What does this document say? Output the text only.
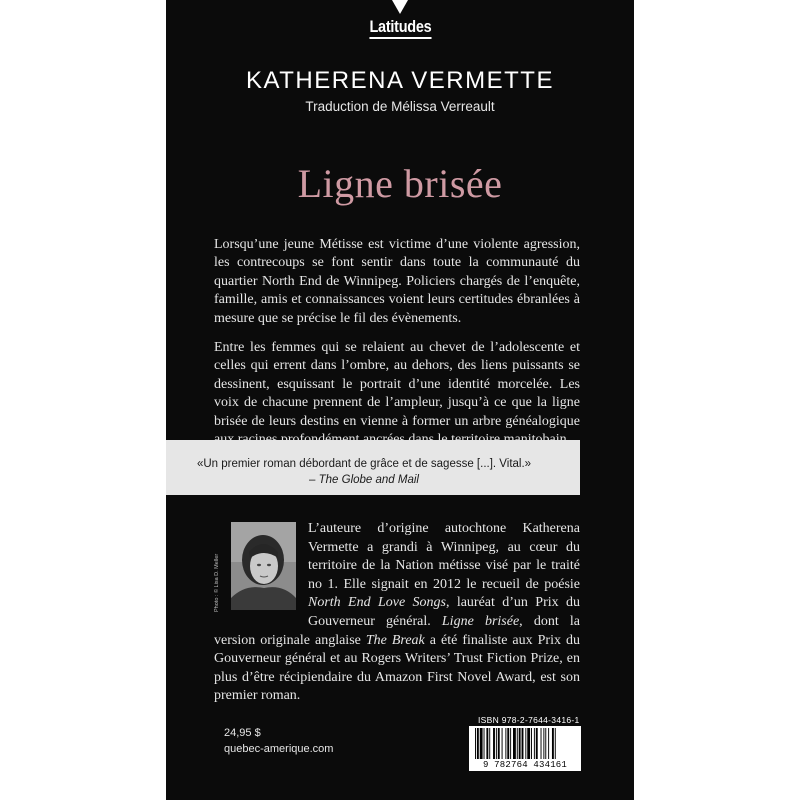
Latitudes
KATHERENA VERMETTE
Traduction de Mélissa Verreault
Ligne brisée

Lorsqu’une jeune Métisse est victime d’une violente agression, les contrecoups se font sentir dans toute la communauté du quartier North End de Winnipeg. Policiers chargés de l’enquête, famille, amis et connaissances voient leurs certitudes ébranlées à mesure que se précise le fil des évènements.

Entre les femmes qui se relaient au chevet de l’adolescente et celles qui errent dans l’ombre, au dehors, des liens puissants se dessinent, esquissant le portrait d’une identité morcelée. Les voix de chacune prennent de l’ampleur, jusqu’à ce que la ligne brisée de leurs destins en vienne à former un arbre généalogique

«Un premier roman débordant de grâce et de sagesse [...]. Vital.»
– The Globe and Mail
Photo : © Lisa D. Meller
L’auteure d’origine autochtone Katherena Vermette a grandi à Winnipeg, au cœur du territoire de la Nation métisse visé par le traité no 1. Elle signait en 2012 le recueil de poésie North End Love Songs, lauréat d’un Prix du Gouverneur général. Ligne brisée, dont la version originale anglaise The Break a été finaliste aux Prix du Gouverneur général et au Rogers Writers’ Trust Fiction Prize, en plus d’être récipiendaire du Amazon First Novel Award, est son premier roman.
24,95 $
quebec-amerique.com
ISBN 978-2-7644-3416-1
9 782764 434161
